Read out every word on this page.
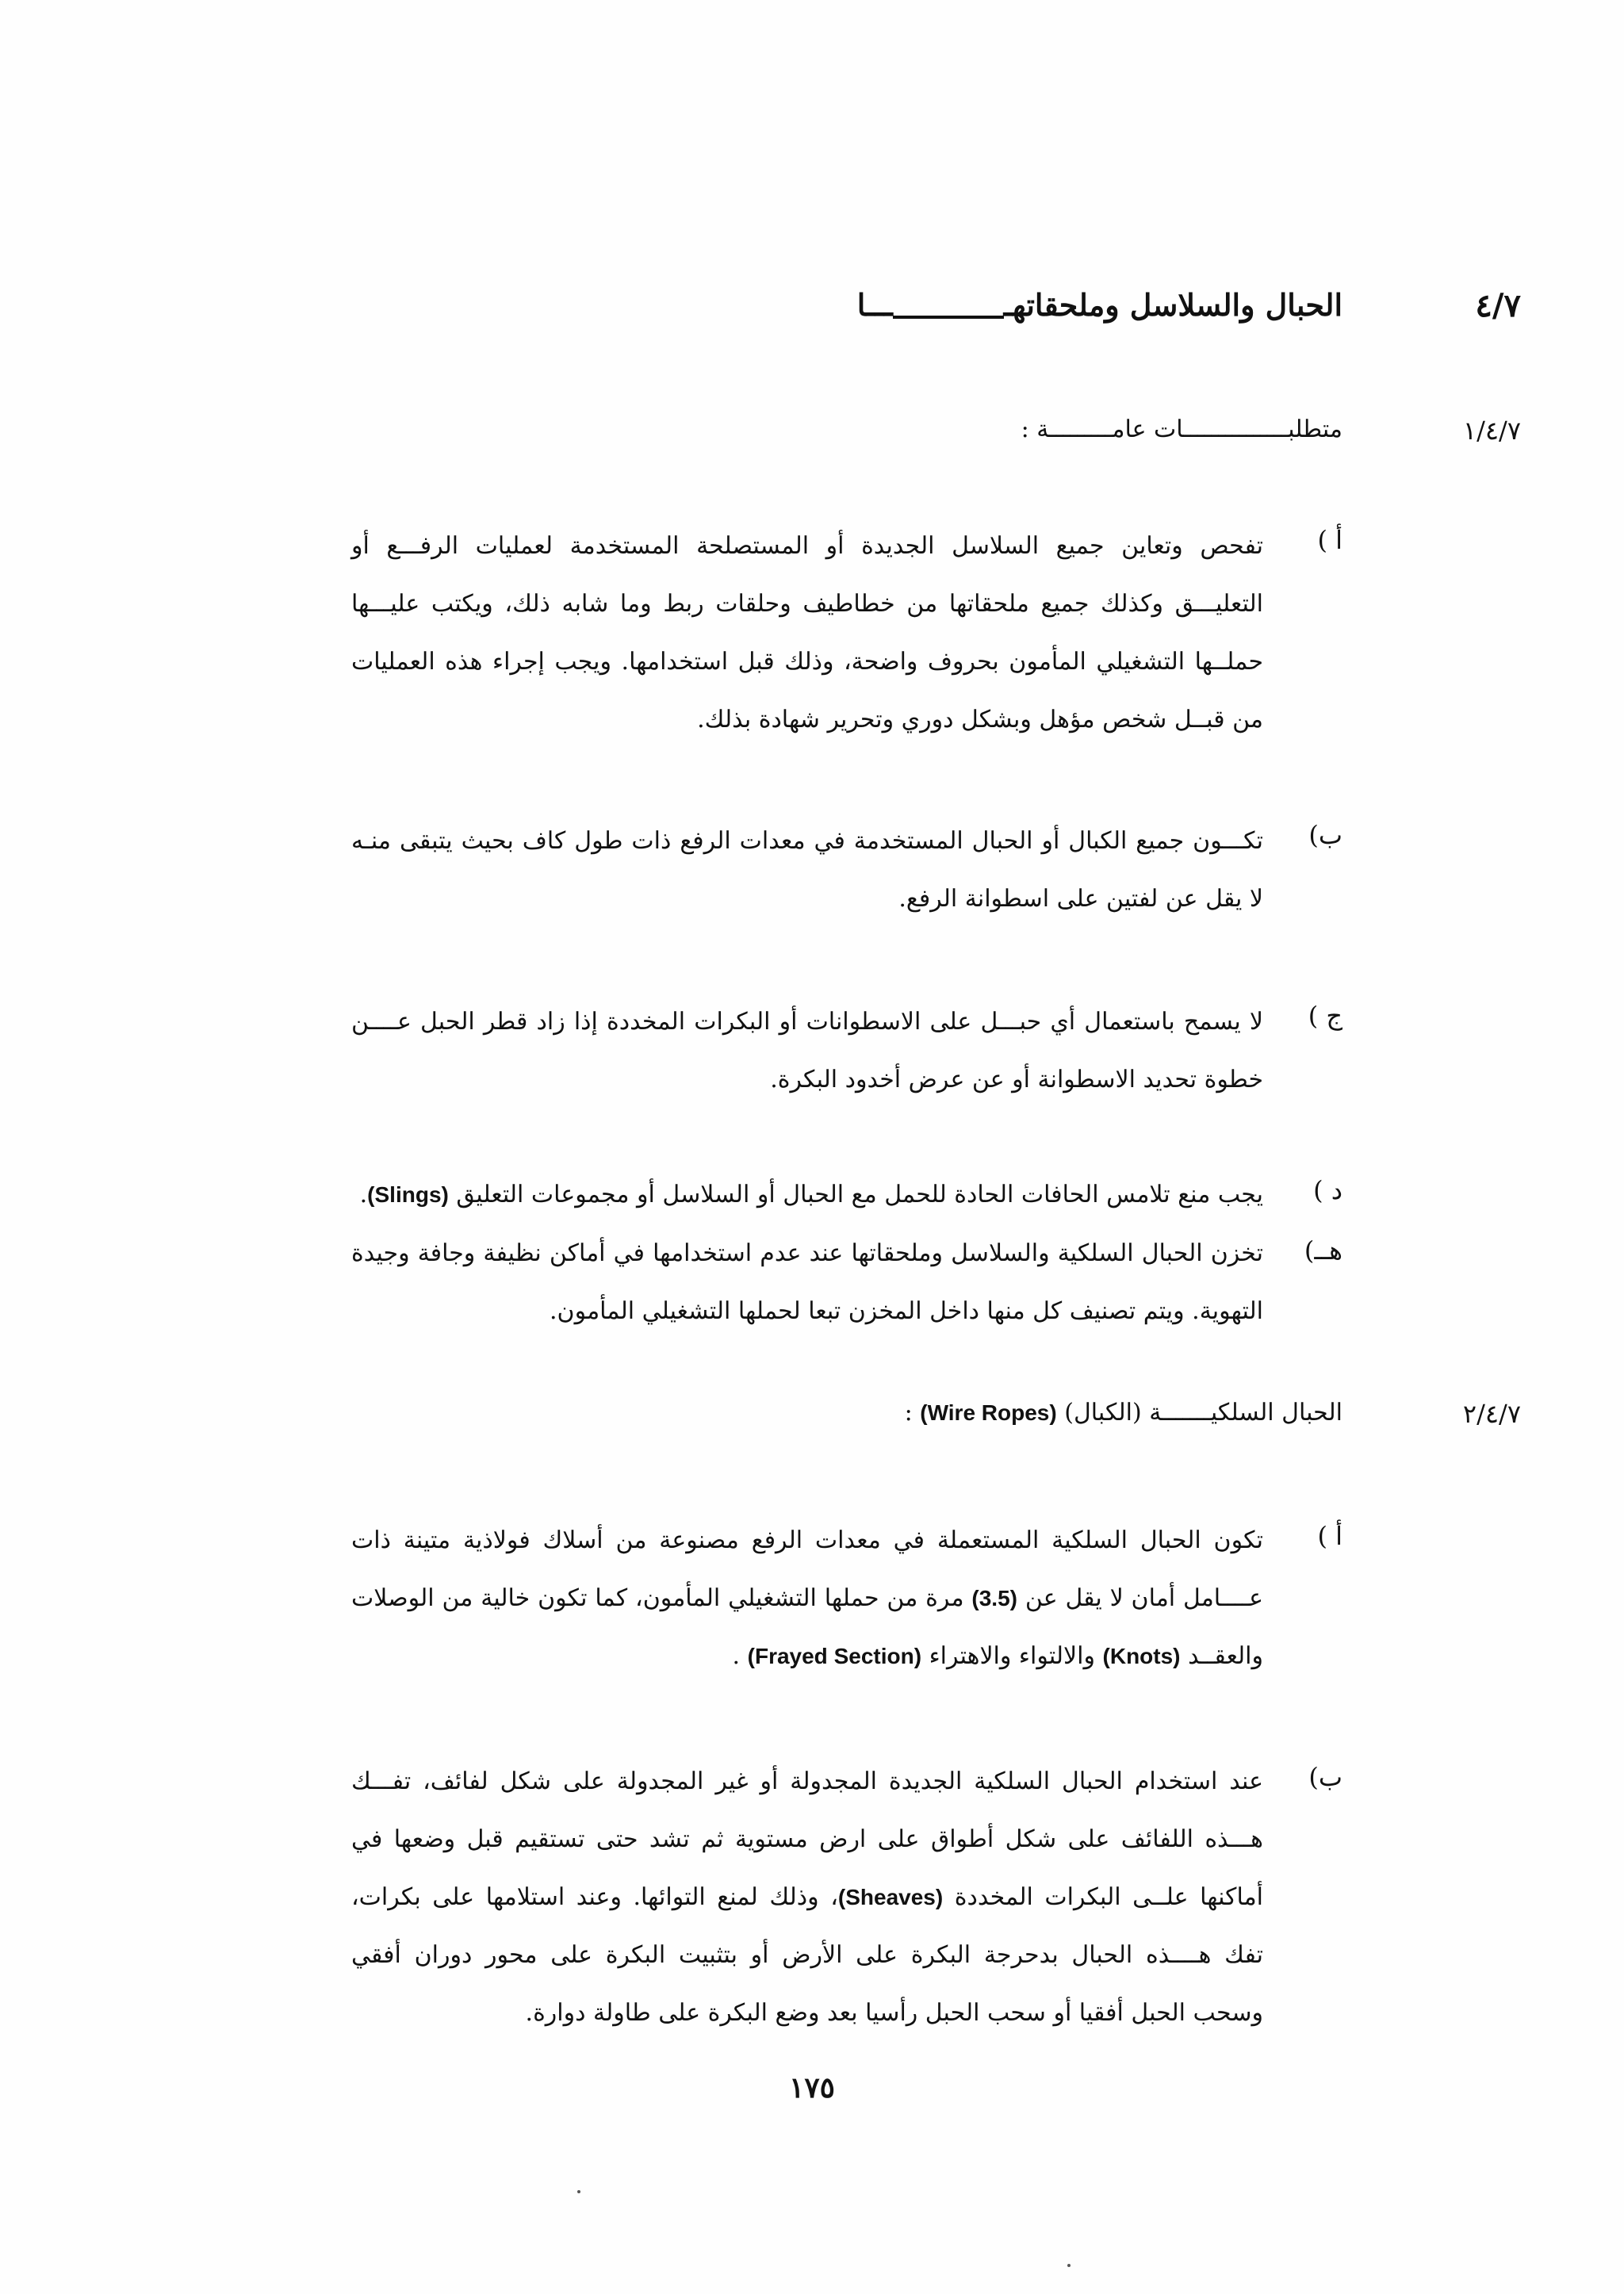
٤/٧
الحبال والسلاسل وملحقاتهــــا
١/٤/٧
متطلبـــــــــــــــات عامـــــــــة :
أ )
تفحص وتعاين جميع السلاسل الجديدة أو المستصلحة المستخدمة لعمليات الرفـــع أو التعليـــق وكذلك جميع ملحقاتها من خطاطيف وحلقات ربط وما شابه ذلك، ويكتب عليـــها حملــها التشغيلي المأمون بحروف واضحة، وذلك قبل استخدامها. ويجب إجراء هذه العمليات من قبــل شخص مؤهل وبشكل دوري وتحرير شهادة بذلك.
ب)
تكـــون جميع الكبال أو الحبال المستخدمة في معدات الرفع ذات طول كاف بحيث يتبقى منـه لا يقل عن لفتين على اسطوانة الرفع.
ج )
لا يسمح باستعمال أي حبـــل على الاسطوانات أو البكرات المخددة إذا زاد قطر الحبل عــــن خطوة تحديد الاسطوانة أو عن عرض أخدود البكرة.
د )
يجب منع تلامس الحافات الحادة للحمل مع الحبال أو السلاسل أو مجموعات التعليق (Slings).
هــ)
تخزن الحبال السلكية والسلاسل وملحقاتها عند عدم استخدامها في أماكن نظيفة وجافة وجيدة التهوية. ويتم تصنيف كل منها داخل المخزن تبعا لحملها التشغيلي المأمون.
٢/٤/٧
الحبال السلكيـــــــة (الكبال) (Wire Ropes) :
أ )
تكون الحبال السلكية المستعملة في معدات الرفع مصنوعة من أسلاك فولاذية متينة ذات عــــامل أمان لا يقل عن (3.5) مرة من حملها التشغيلي المأمون، كما تكون خالية من الوصلات والعقــد (Knots) والالتواء والاهتراء (Frayed Section) .
ب)
عند استخدام الحبال السلكية الجديدة المجدولة أو غير المجدولة على شكل لفائف، تفـــك هـــذه اللفائف على شكل أطواق على ارض مستوية ثم تشد حتى تستقيم قبل وضعها في أماكنها علــى البكرات المخددة (Sheaves)، وذلك لمنع التوائها. وعند استلامها على بكرات، تفك هــــذه الحبال بدحرجة البكرة على الأرض أو بتثبيت البكرة على محور دوران أفقي وسحب الحبل أفقيا أو سحب الحبل رأسيا بعد وضع البكرة على طاولة دوارة.
١٧٥
